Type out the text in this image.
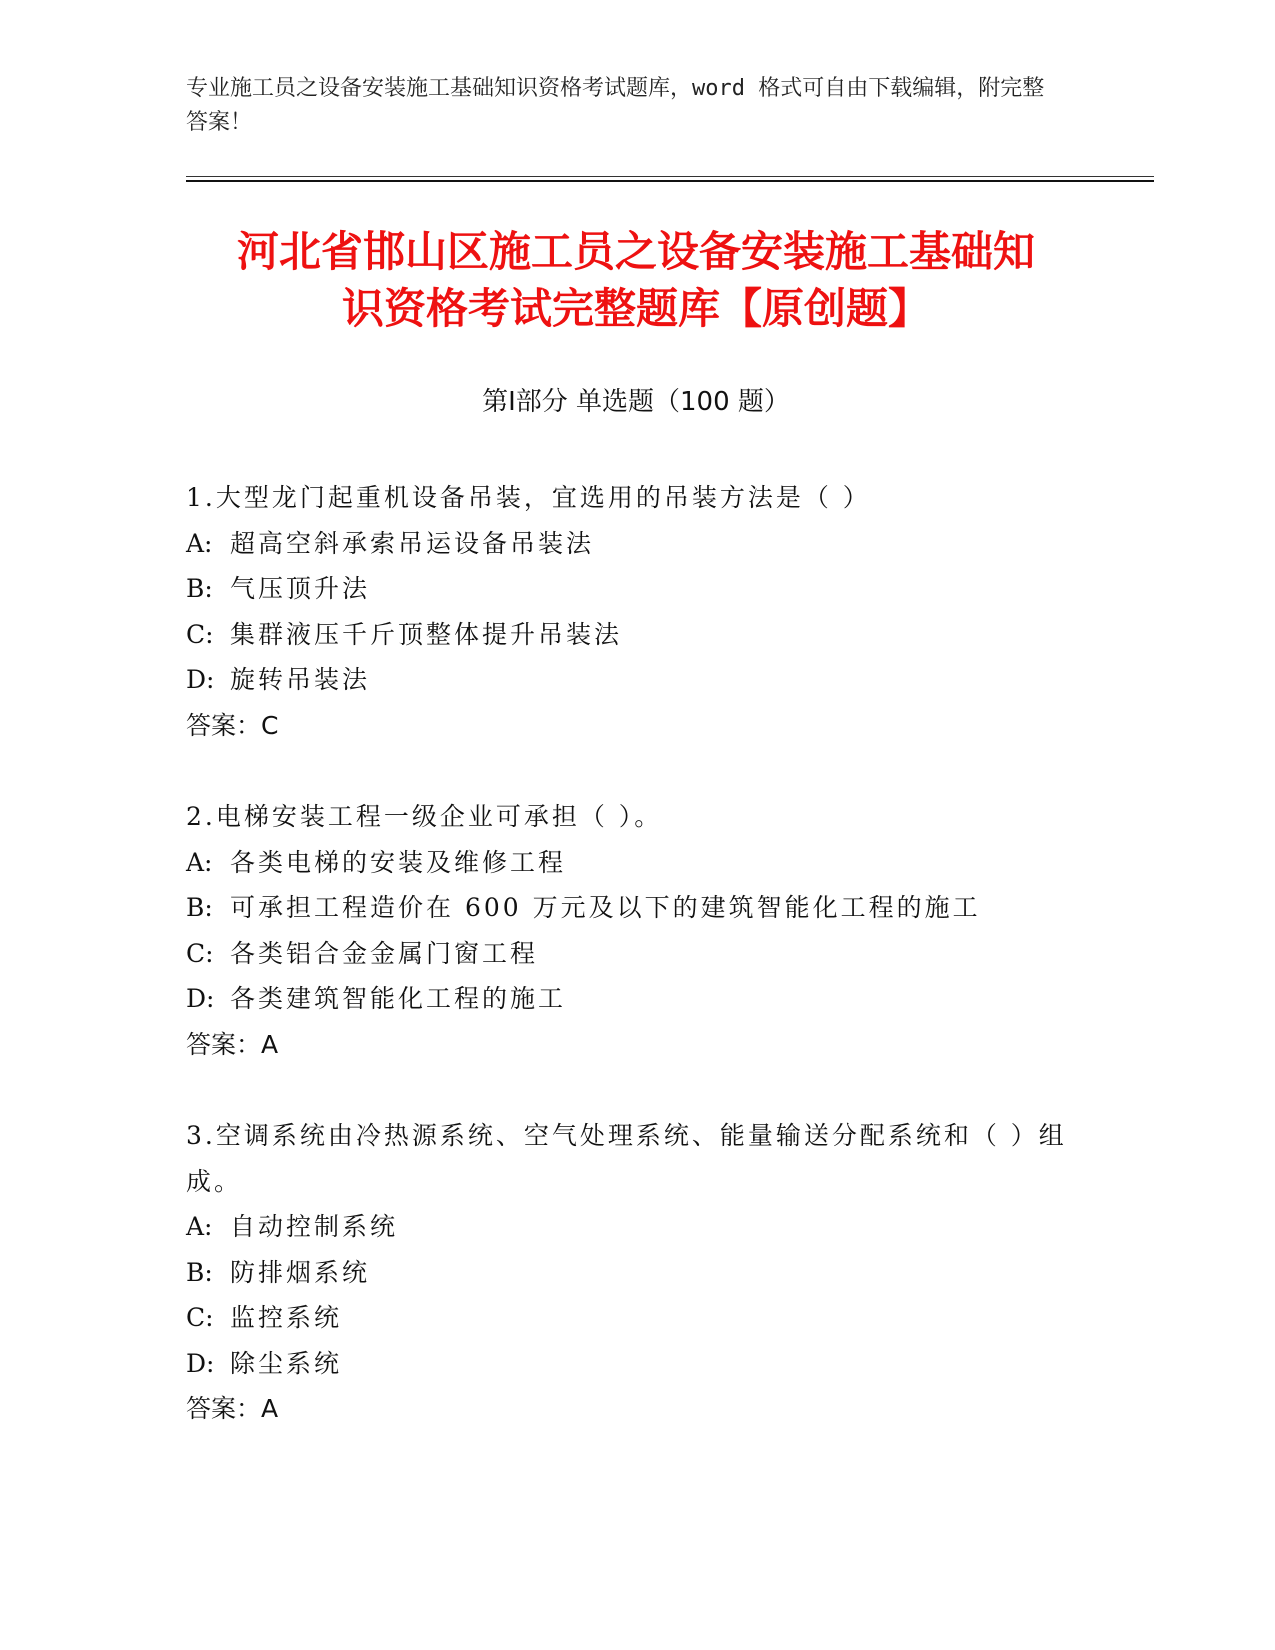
专业施工员之设备安装施工基础知识资格考试题库，word 格式可自由下载编辑，附完整答案！
河北省邯山区施工员之设备安装施工基础知
识资格考试完整题库【原创题】
第Ⅰ部分 单选题（100 题）
1.大型龙门起重机设备吊装，宜选用的吊装方法是（ ）
A: 超高空斜承索吊运设备吊装法
B: 气压顶升法
C: 集群液压千斤顶整体提升吊装法
D: 旋转吊装法
答案：C
2.电梯安装工程一级企业可承担（ ）。
A: 各类电梯的安装及维修工程
B: 可承担工程造价在 600 万元及以下的建筑智能化工程的施工
C: 各类铝合金金属门窗工程
D: 各类建筑智能化工程的施工
答案：A
3.空调系统由冷热源系统、空气处理系统、能量输送分配系统和（ ）组成。
A: 自动控制系统
B: 防排烟系统
C: 监控系统
D: 除尘系统
答案：A
